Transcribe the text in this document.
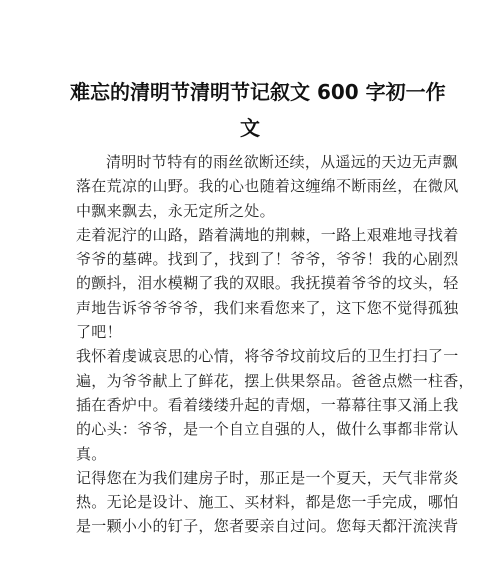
难忘的清明节清明节记叙文 600 字初一作
文

清明时节特有的雨丝欲断还续，从遥远的天边无声飘
落在荒凉的山野。我的心也随着这缠绵不断雨丝，在微风
中飘来飘去，永无定所之处。

走着泥泞的山路，踏着满地的荆棘，一路上艰难地寻找着
爷爷的墓碑。找到了，找到了！爷爷，爷爷！我的心剧烈
的颤抖，泪水模糊了我的双眼。我抚摸着爷爷的坟头，轻
声地告诉爷爷爷爷，我们来看您来了，这下您不觉得孤独
了吧！

我怀着虔诚哀思的心情，将爷爷坟前坟后的卫生打扫了一
遍，为爷爷献上了鲜花，摆上供果祭品。爸爸点燃一柱香，
插在香炉中。看着缕缕升起的青烟，一幕幕往事又涌上我
的心头：爷爷，是一个自立自强的人，做什么事都非常认
真。

记得您在为我们建房子时，那正是一个夏天，天气非常炎
热。无论是设计、施工、买材料，都是您一手完成，哪怕
是一颗小小的钉子，您者要亲自过问。您每天都汗流浃背
